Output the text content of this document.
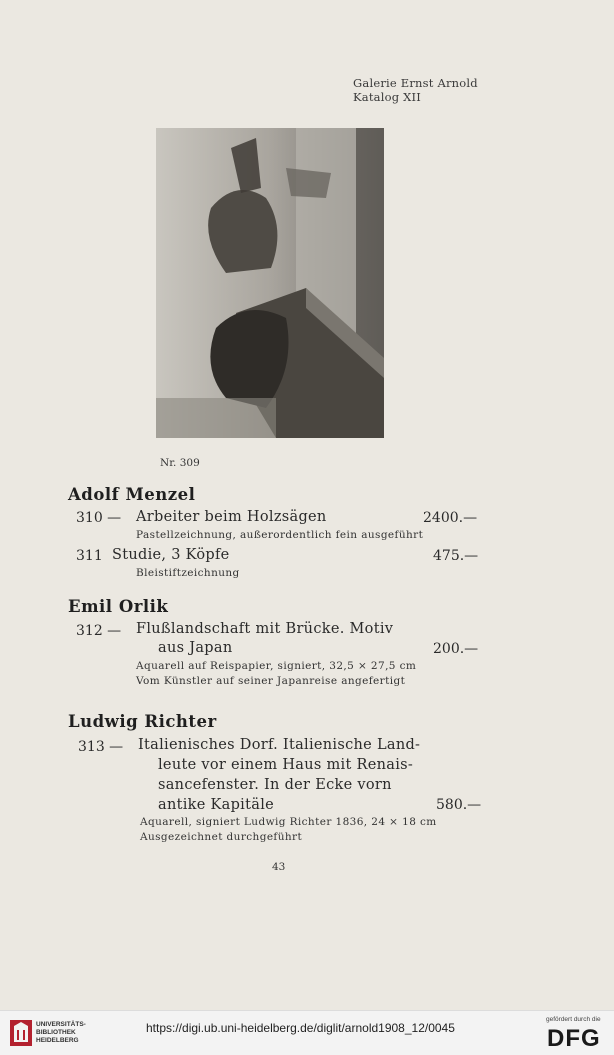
Galerie Ernst Arnold
Katalog XII
Nr. 309
Adolf Menzel
310 — Arbeiter beim Holzsägen	2400.—
Pastellzeichnung, außerordentlich fein ausgeführt
311 Studie, 3 Köpfe	475.—
Bleistiftzeichnung
Emil Orlik
312 — Flußlandschaft mit Brücke. Motiv
aus Japan	200.—
Aquarell auf Reispapier, signiert, 32,5 × 27,5 cm
Vom Künstler auf seiner Japanreise angefertigt
Ludwig Richter
313 — Italienisches Dorf. Italienische Land-
leute vor einem Haus mit Renais-
sancefenster. In der Ecke vorn
antike Kapitäle	580.—
Aquarell, signiert Ludwig Richter 1836, 24 × 18 cm
Ausgezeichnet durchgeführt
43
UNIVERSITÄTS-
BIBLIOTHEK
HEIDELBERG
https://digi.ub.uni-heidelberg.de/diglit/arnold1908_12/0045
gefördert durch die
DFG
